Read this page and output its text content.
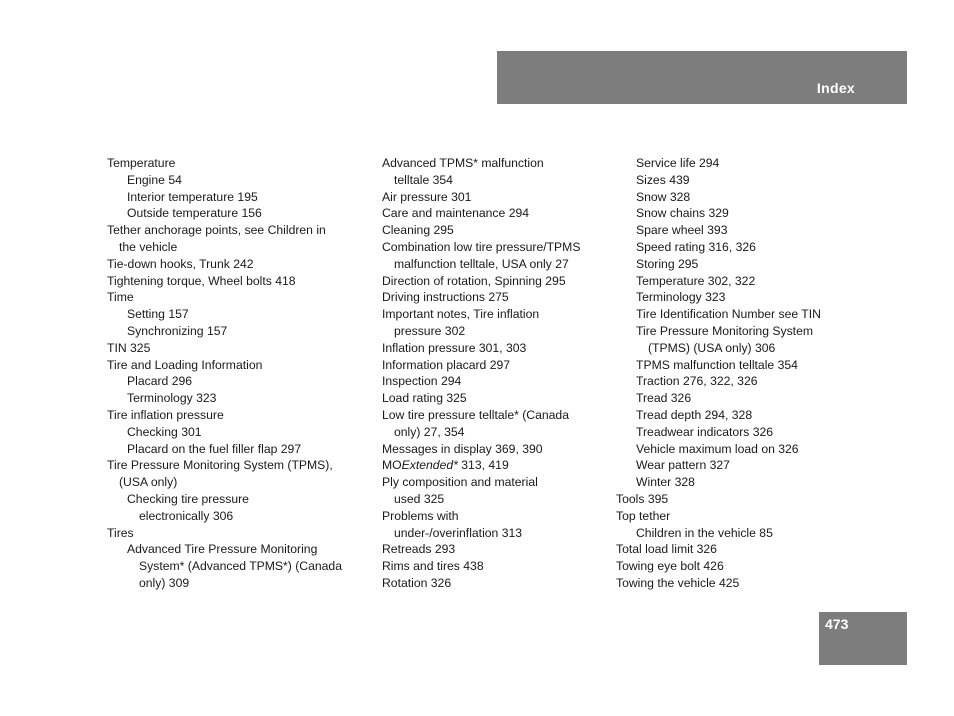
Index
Temperature
Engine 54
Interior temperature 195
Outside temperature 156
Tether anchorage points, see Children in
the vehicle
Tie-down hooks, Trunk 242
Tightening torque, Wheel bolts 418
Time
Setting 157
Synchronizing 157
TIN 325
Tire and Loading Information
Placard 296
Terminology 323
Tire inflation pressure
Checking 301
Placard on the fuel filler flap 297
Tire Pressure Monitoring System (TPMS),
(USA only)
Checking tire pressure
electronically 306
Tires
Advanced Tire Pressure Monitoring
System* (Advanced TPMS*) (Canada
only) 309
Advanced TPMS* malfunction
telltale 354
Air pressure 301
Care and maintenance 294
Cleaning 295
Combination low tire pressure/TPMS
malfunction telltale, USA only 27
Direction of rotation, Spinning 295
Driving instructions 275
Important notes, Tire inflation
pressure 302
Inflation pressure 301, 303
Information placard 297
Inspection 294
Load rating 325
Low tire pressure telltale* (Canada
only) 27, 354
Messages in display 369, 390
MOExtended* 313, 419
Ply composition and material
used 325
Problems with
under-/overinflation 313
Retreads 293
Rims and tires 438
Rotation 326
Service life 294
Sizes 439
Snow 328
Snow chains 329
Spare wheel 393
Speed rating 316, 326
Storing 295
Temperature 302, 322
Terminology 323
Tire Identification Number see TIN
Tire Pressure Monitoring System
(TPMS) (USA only) 306
TPMS malfunction telltale 354
Traction 276, 322, 326
Tread 326
Tread depth 294, 328
Treadwear indicators 326
Vehicle maximum load on 326
Wear pattern 327
Winter 328
Tools 395
Top tether
Children in the vehicle 85
Total load limit 326
Towing eye bolt 426
Towing the vehicle 425
473
